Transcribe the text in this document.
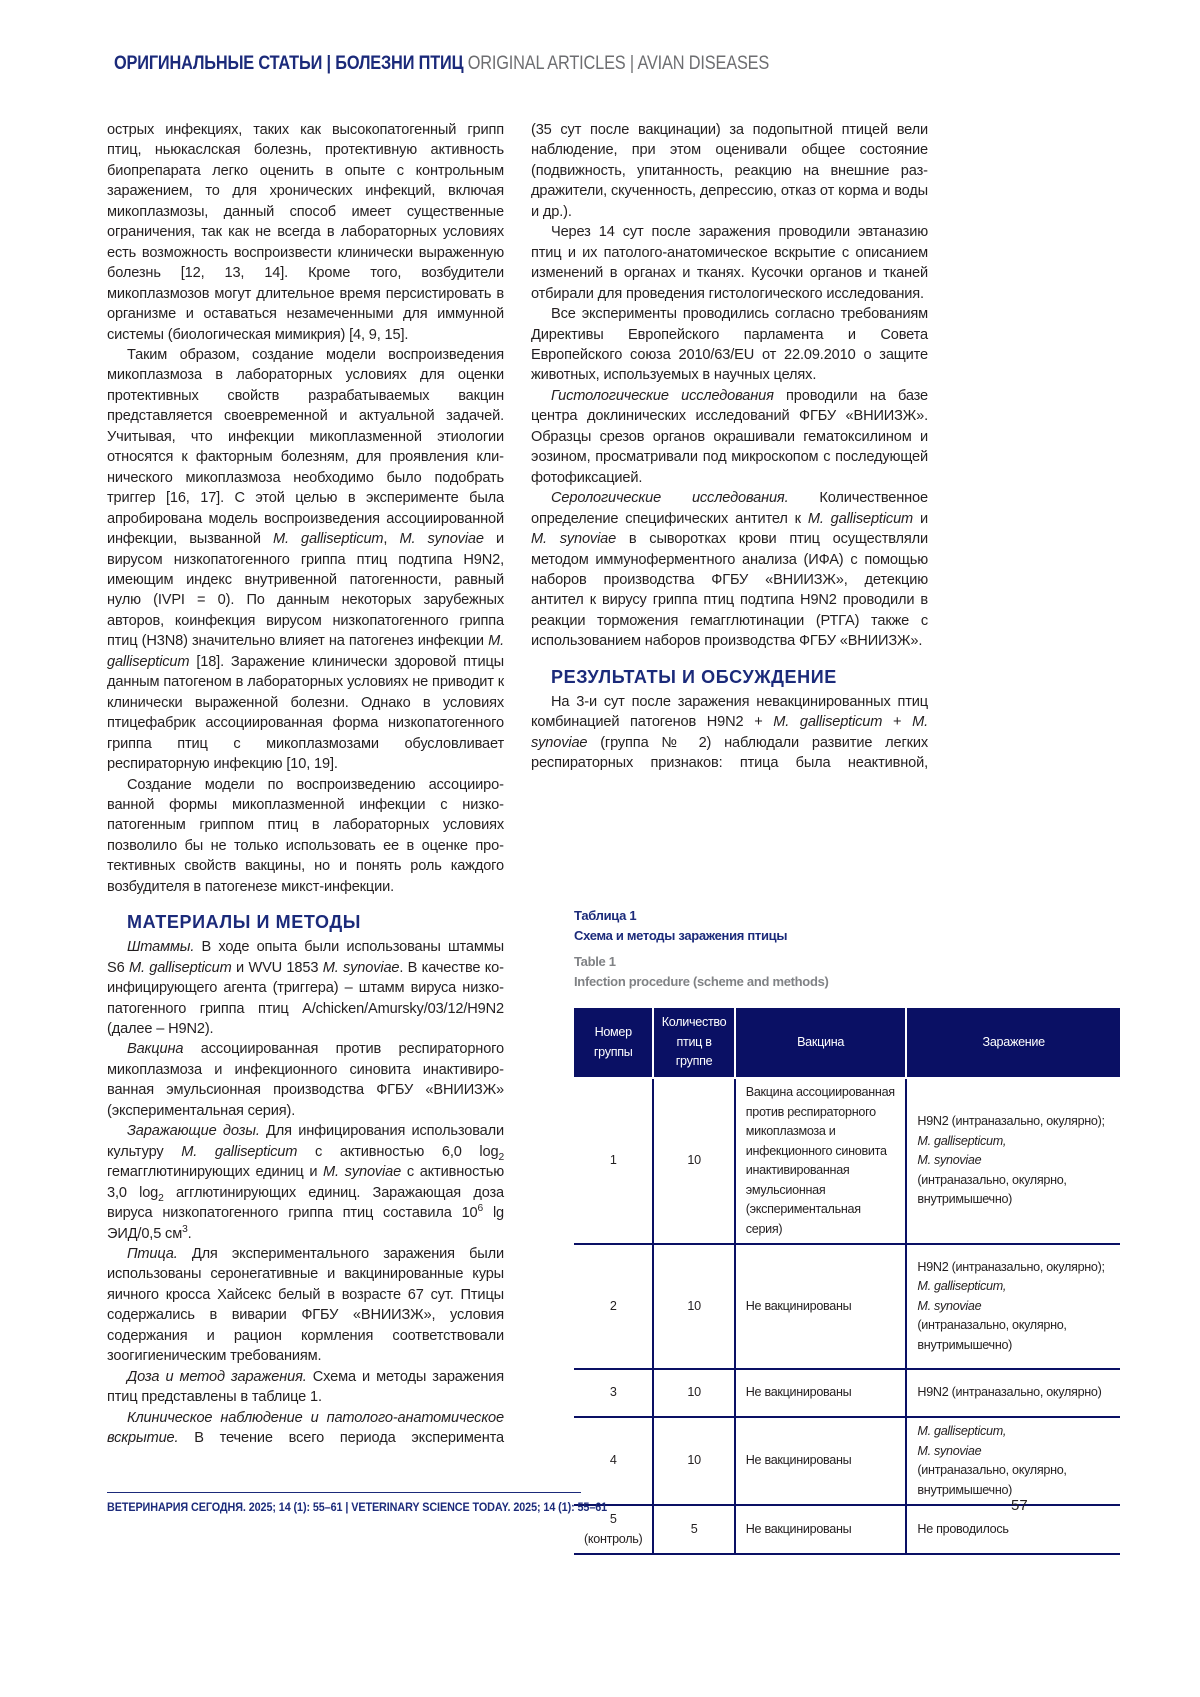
ОРИГИНАЛЬНЫЕ СТАТЬИ | БОЛЕЗНИ ПТИЦ ORIGINAL ARTICLES | AVIAN DISEASES

острых инфекциях, таких как высокопатогенный грипп птиц, ньюкаслская болезнь, протективную активность биопрепарата легко оценить в опыте с контрольным заражением, то для хронических инфекций, включая микоплазмозы, данный способ имеет существенные ограничения, так как не всегда в лабораторных усло­виях есть возможность воспроизвести клинически вы­раженную болезнь [12, 13, 14]. Кроме того, возбудители микоплазмозов могут длительное время персистиро­вать в организме и оставаться незамеченными для иммунной системы (биологическая мимикрия) [4, 9, 15].

Таким образом, создание модели воспроизведения микоплазмоза в лабораторных условиях для оцен­ки протективных свойств разрабатываемых вакцин представляется своевременной и актуальной задачей. Учитывая, что инфекции микоплазменной этиологии относятся к факторным болезням, для проявления кли­нического микоплазмоза необходимо было подобрать триггер [16, 17]. С этой целью в эксперименте была апробирована модель воспроизведения ассоцииро­ванной инфекции, вызванной M. gallisepticum, M. syno­viae и вирусом низкопатогенного гриппа птиц подтипа H9N2, имеющим индекс внутривенной патогенности, равный нулю (IVPI = 0). По данным некоторых зарубеж­ных авторов, коинфекция вирусом низкопатогенного гриппа птиц (H3N8) значительно влияет на патогенез инфекции M. gallisepticum [18]. Заражение клинически здоровой птицы данным патогеном в лабораторных ус­ловиях не приводит к клинически выраженной болез­ни. Однако в условиях птицефабрик ассоциированная форма низкопатогенного гриппа птиц с микоплазмоза­ми обусловливает респираторную инфекцию [10, 19].

Создание модели по воспроизведению ассоцииро­ванной формы микоплазменной инфекции с низко­патогенным гриппом птиц в лабораторных условиях позволило бы не только использовать ее в оценке про­тективных свойств вакцины, но и понять роль каждого возбудителя в патогенезе микст-инфекции.

МАТЕРИАЛЫ И МЕТОДЫ

Штаммы. В ходе опыта были использованы штаммы S6 M. gallisepticum и WVU 1853 M. synoviae. В качестве ко­инфицирующего агента (триггера) – штамм вируса низко­патогенного гриппа птиц A/chicken/Amursky/03/12/H9N2 (далее – H9N2).

Вакцина ассоциированная против респираторного микоплазмоза и инфекционного синовита инактивиро­ванная эмульсионная производства ФГБУ «ВНИИЗЖ» (экспериментальная серия).

Заражающие дозы. Для инфицирования использо­вали культуру M. gallisepticum с активностью 6,0 log2 гемагглютинирующих единиц и M. synoviae с активно­стью 3,0 log2 агглютинирующих единиц. Заражающая доза вируса низкопатогенного гриппа птиц составила 106 lg ЭИД/0,5 см3.

Птица. Для экспериментального заражения были использованы серонегативные и вакцинированные куры яичного кросса Хайсекс белый в возрасте 67 сут. Птицы содержались в виварии ФГБУ «ВНИИЗЖ», усло­вия содержания и рацион кормления соответствовали зоогигиеническим требованиям.

Доза и метод заражения. Схема и методы заражения птиц представлены в таблице 1.

Клиническое наблюдение и патолого-анатомиче­ское вскрытие. В течение всего периода эксперимента

(35 сут после вакцинации) за подопытной птицей вели наблюдение, при этом оценивали общее состояние (подвижность, упитанность, реакцию на внешние раз­дражители, скученность, депрессию, отказ от корма и воды и др.).

Через 14 сут после заражения проводили эвтаназию птиц и их патолого-анатомическое вскрытие с описа­нием изменений в органах и тканях. Кусочки органов и тканей отбирали для проведения гистологического исследования.

Все эксперименты проводились согласно требова­ниям Директивы Европейского парламента и Совета Европейского союза 2010/63/EU от 22.09.2010 о защите животных, используемых в научных целях.

Гистологические исследования проводили на базе центра доклинических исследований ФГБУ «ВНИИЗЖ». Образцы срезов органов окрашивали гематоксилином и эозином, просматривали под микроскопом с после­дующей фотофиксацией.

Серологические исследования. Количественное определение специфических антител к M. gallisepticum и M. synoviae в сыворотках крови птиц осуществляли методом иммуноферментного анализа (ИФА) с помо­щью наборов производства ФГБУ «ВНИИЗЖ», детек­цию антител к вирусу гриппа птиц подтипа H9N2 про­водили в реакции торможения гемагглютинации (РТГА) также с использованием наборов производства ФГБУ «ВНИИЗЖ».

РЕЗУЛЬТАТЫ И ОБСУЖДЕНИЕ

На 3-и сут после заражения невакцинированных птиц комбинацией патогенов H9N2 + M. gallisepticum + M. synoviae (группа № 2) наблюдали развитие легких респираторных признаков: птица была неактивной,

Таблица 1
Схема и методы заражения птицы
Table 1
Infection procedure (scheme and methods)
Номер группы	Количество птиц в группе	Вакцина	Заражение
1	10	Вакцина ассоциированная против респираторного микоплазмоза и инфекционного синовита инактивированная эмульсионная (экспериментальная серия)	
H9N2 (интраназально, окулярно);
M. gallisepticum,
M. synoviae
(интраназально, окулярно, внутримышечно)

2	10	Не вакцинированы	
H9N2 (интраназально, окулярно);
M. gallisepticum,
M. synoviae
(интраназально, окулярно, внутримышечно)

3	10	Не вакцинированы	H9N2 (интраназально, окулярно)

4	10	Не вакцинированы	
M. gallisepticum,
M. synoviae
(интраназально, окулярно, внутримышечно)

5 (контроль)	5	Не вакцинированы	Не проводилось
ВЕТЕРИНАРИЯ СЕГОДНЯ. 2025; 14 (1): 55–61 | VETERINARY SCIENCE TODAY. 2025; 14 (1): 55–61	57
